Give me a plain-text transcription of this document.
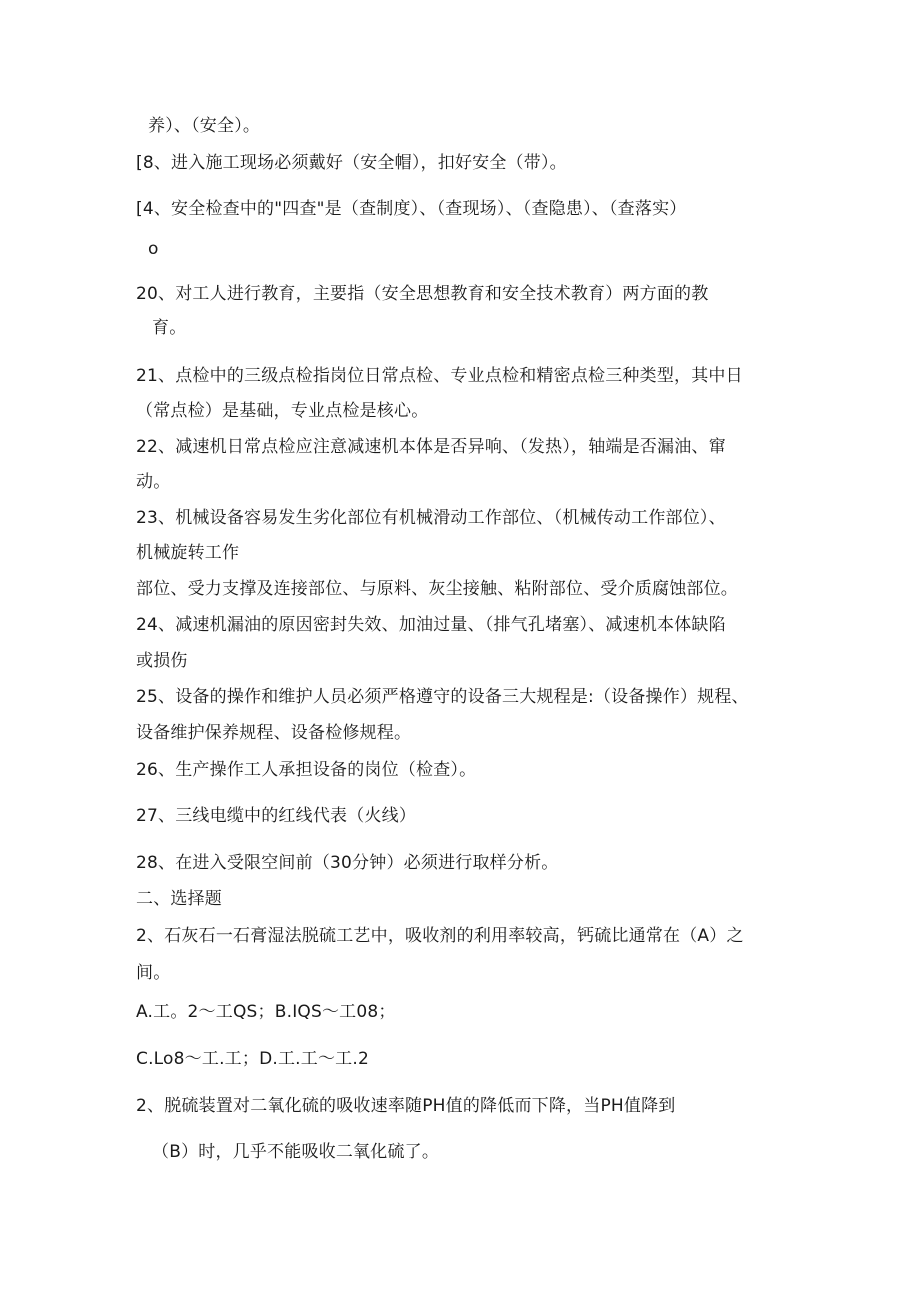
养）、（安全）。
[8、进入施工现场必须戴好（安全帽），扣好安全（带）。
[4、安全检查中的"四查"是（查制度）、（查现场）、（查隐患）、（查落实）
o
20、对工人进行教育，主要指（安全思想教育和安全技术教育）两方面的教
育。
21、点检中的三级点检指岗位日常点检、专业点检和精密点检三种类型，其中日
（常点检）是基础，专业点检是核心。
22、减速机日常点检应注意减速机本体是否异响、（发热），轴端是否漏油、窜
动。
23、机械设备容易发生劣化部位有机械滑动工作部位、（机械传动工作部位）、
机械旋转工作
部位、受力支撑及连接部位、与原料、灰尘接触、粘附部位、受介质腐蚀部位。
24、减速机漏油的原因密封失效、加油过量、（排气孔堵塞）、减速机本体缺陷
或损伤
25、设备的操作和维护人员必须严格遵守的设备三大规程是:（设备操作）规程、
设备维护保养规程、设备检修规程。
26、生产操作工人承担设备的岗位（检查）。
27、三线电缆中的红线代表（火线）
28、在进入受限空间前（30分钟）必须进行取样分析。
二、选择题
2、石灰石一石膏湿法脱硫工艺中，吸收剂的利用率较高，钙硫比通常在（A）之
间。
A.工。2～工QS；B.IQS～工08；
C.Lo8～工.工；D.工.工～工.2
2、脱硫装置对二氧化硫的吸收速率随PH值的降低而下降，当PH值降到
（B）时，几乎不能吸收二氧化硫了。
